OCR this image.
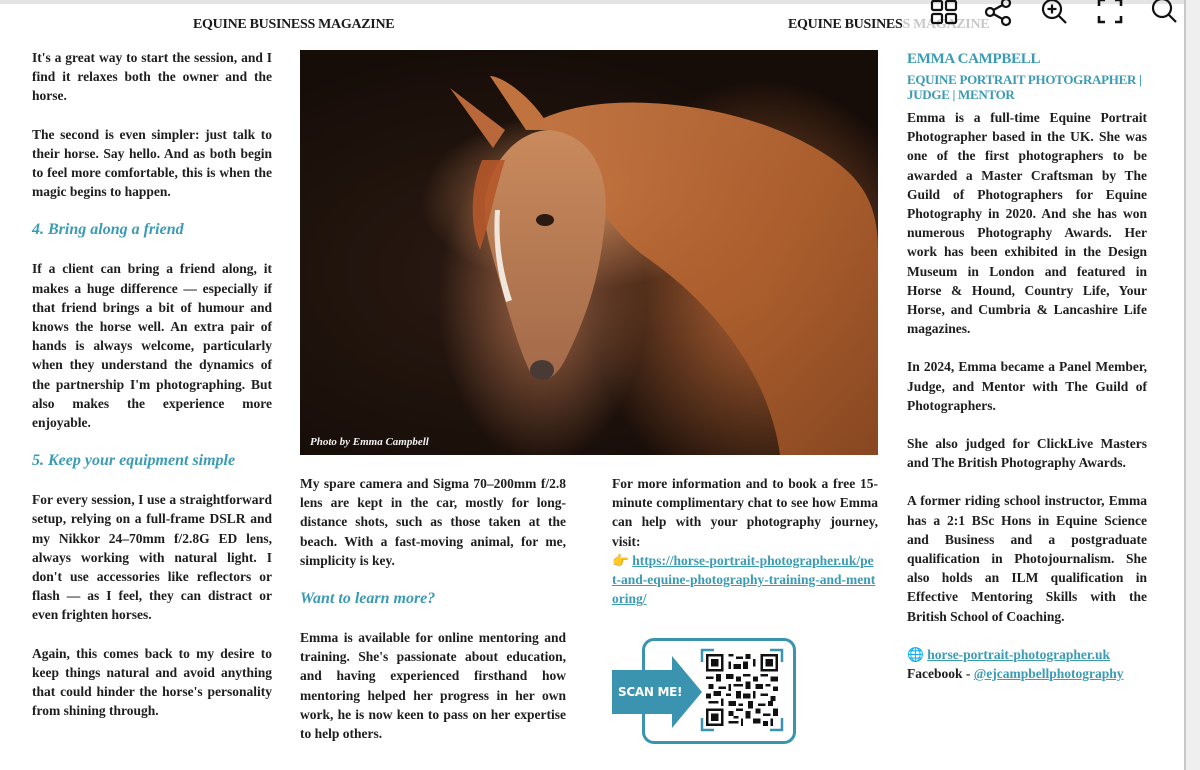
EQUINE BUSINESS MAGAZINE	EQUINE BUSINESS MAGAZINE

It's a great way to start the session, and I find it relaxes both the owner and the horse.

The second is even simpler: just talk to their horse. Say hello. And as both begin to feel more comfortable, this is when the magic begins to happen.

4. Bring along a friend

If a client can bring a friend along, it makes a huge difference — especially if that friend brings a bit of humour and knows the horse well. An extra pair of hands is always welcome, particularly when they understand the dynamics of the partnership I'm photographing. But also makes the experience more enjoyable.

5. Keep your equipment simple

For every session, I use a straightforward setup, relying on a full-frame DSLR and my Nikkor 24–70mm f/2.8G ED lens, always working with natural light. I don't use accessories like reflectors or flash — as I feel, they can distract or even frighten horses.

Again, this comes back to my desire to keep things natural and avoid anything that could hinder the horse's personality from shining through.

Photo by Emma Campbell

My spare camera and Sigma 70–200mm f/2.8 lens are kept in the car, mostly for long-distance shots, such as those taken at the beach. With a fast-moving animal, for me, simplicity is key.

Want to learn more?

Emma is available for online mentoring and training. She's passionate about education, and having experienced firsthand how mentoring helped her progress in her own work, he is now keen to pass on her expertise to help others.

For more information and to book a free 15-minute complimentary chat to see how Emma can help with your photography journey, visit:

👉 https://horse-portrait-photographer.uk/pet-and-equine-photography-training-and-mentoring/
SCAN ME!
EMMA CAMPBELL
EQUINE PORTRAIT PHOTOGRAPHER | JUDGE | MENTOR

Emma is a full-time Equine Portrait Photographer based in the UK. She was one of the first photographers to be awarded a Master Craftsman by The Guild of Photographers for Equine Photography in 2020. And she has won numerous Photography Awards. Her work has been exhibited in the Design Museum in London and featured in Horse & Hound, Country Life, Your Horse, and Cumbria & Lancashire Life magazines.

In 2024, Emma became a Panel Member, Judge, and Mentor with The Guild of Photographers.

She also judged for ClickLive Masters and The British Photography Awards.

A former riding school instructor, Emma has a 2:1 BSc Hons in Equine Science and Business and a postgraduate qualification in Photojournalism. She also holds an ILM qualification in Effective Mentoring Skills with the British School of Coaching.

🌐 horse-portrait-photographer.uk
Facebook - @ejcampbellphotography
